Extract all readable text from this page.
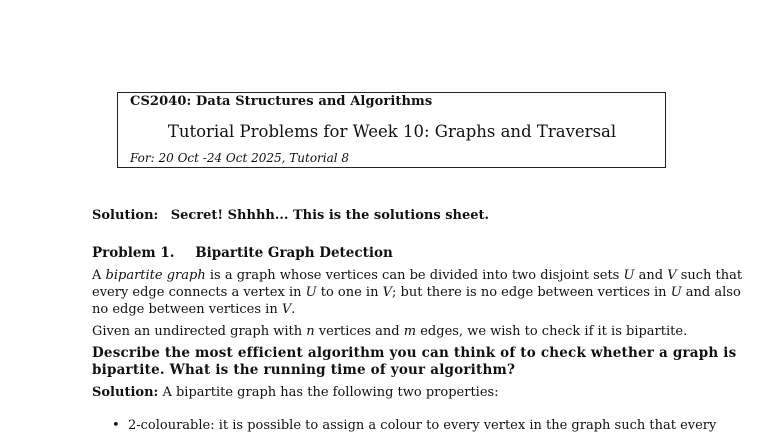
CS2040: Data Structures and Algorithms
Tutorial Problems for Week 10: Graphs and Traversal
For: 20 Oct -24 Oct 2025, Tutorial 8
Solution: Secret! Shhhh... This is the solutions sheet.
Problem 1. Bipartite Graph Detection
A bipartite graph is a graph whose vertices can be divided into two disjoint sets U and V such that
every edge connects a vertex in U to one in V; but there is no edge between vertices in U and also
no edge between vertices in V.
Given an undirected graph with n vertices and m edges, we wish to check if it is bipartite.
Describe the most efficient algorithm you can think of to check whether a graph is
bipartite. What is the running time of your algorithm?
Solution: A bipartite graph has the following two properties:
• 2-colourable: it is possible to assign a colour to every vertex in the graph such that every
